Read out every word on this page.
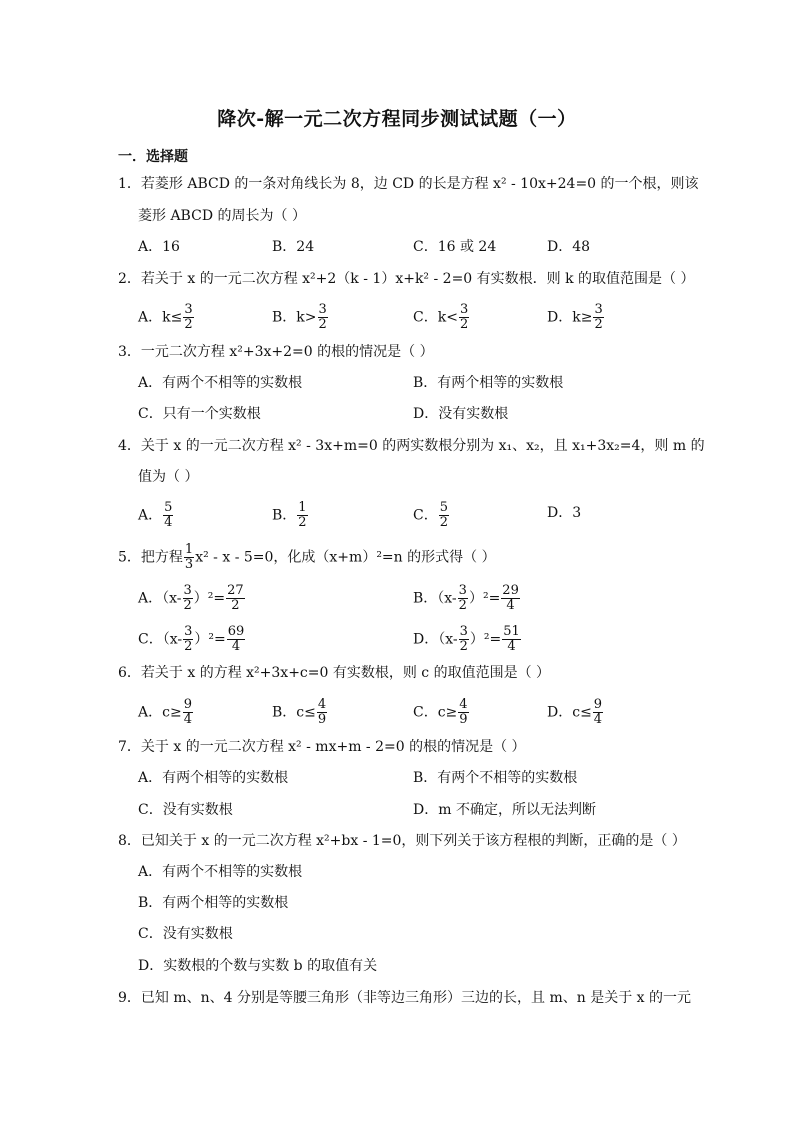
降次-解一元二次方程同步测试试题（一）
一．选择题
1．若菱形 ABCD 的一条对角线长为 8，边 CD 的长是方程 x² - 10x+24=0 的一个根，则该
菱形 ABCD 的周长为（ ）
A．16	B．24	C．16 或 24	D．48
2．若关于 x 的一元二次方程 x²+2（k - 1）x+k² - 2=0 有实数根．则 k 的取值范围是（ ）
A．$k\le \frac{3}{2}$	B．$k> \frac{3}{2}$	C．$k< \frac{3}{2}$	D．$k\ge \frac{3}{2}$
3．一元二次方程 x²+3x+2=0 的根的情况是（ ）
A．有两个不相等的实数根	B．有两个相等的实数根
C．只有一个实数根	D．没有实数根
4．关于 x 的一元二次方程 x² - 3x+m=0 的两实数根分别为 x₁、x₂，且 x₁+3x₂=4，则 m 的
值为（ ）
A． $\frac{5}{4}$	B． $\frac{1}{2}$	C． $\frac{5}{2}$	D．3
5．把方程 $\frac{1}{3} x^2 - x - 5=0$，化成（x+m）²=n 的形式得（ ）
A．$(x- \frac{3}{2} )^2= \frac{27}{2}$	B．$(x- \frac{3}{2} )^2= \frac{29}{4}$
C．$(x- \frac{3}{2} )^2= \frac{69}{4}$	D．$(x- \frac{3}{2} )^2= \frac{51}{4}$
6．若关于 x 的方程 x²+3x+c=0 有实数根，则 c 的取值范围是（ ）
A．$c\ge \frac{9}{4}$	B．$c\le \frac{4}{9}$	C．$c\ge \frac{4}{9}$	D．$c\le \frac{9}{4}$
7．关于 x 的一元二次方程 x² - mx+m - 2=0 的根的情况是（ ）
A．有两个相等的实数根	B．有两个不相等的实数根
C．没有实数根	D．m 不确定，所以无法判断
8．已知关于 x 的一元二次方程 x²+bx - 1=0，则下列关于该方程根的判断，正确的是（ ）
A．有两个不相等的实数根
B．有两个相等的实数根
C．没有实数根
D．实数根的个数与实数 b 的取值有关
9．已知 m、n、4 分别是等腰三角形（非等边三角形）三边的长，且 m、n 是关于 x 的一元
